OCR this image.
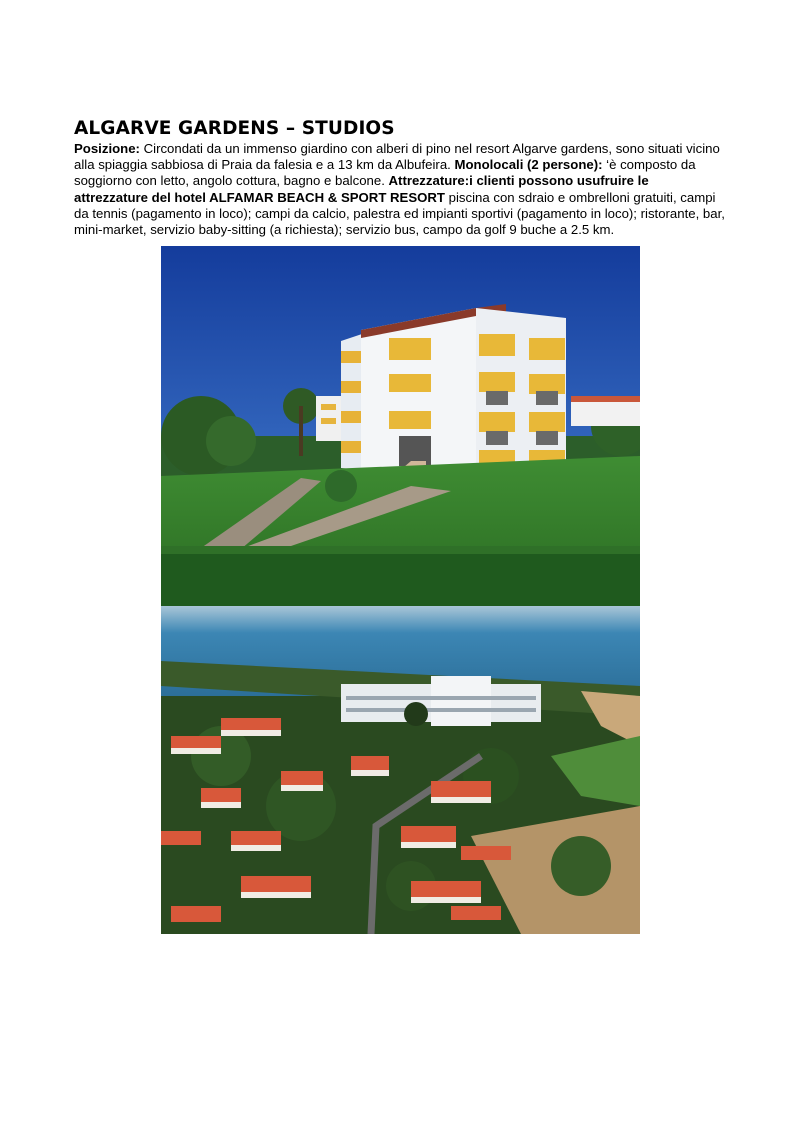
ALGARVE GARDENS – STUDIOS
Posizione: Circondati da un immenso giardino con alberi di pino nel resort Algarve gardens, sono situati vicino alla spiaggia sabbiosa di Praia da falesia e a 13 km da Albufeira. Monolocali (2 persone): ‘è composto da soggiorno con letto, angolo cottura, bagno e balcone. Attrezzature:i clienti possono usufruire le attrezzature del hotel ALFAMAR BEACH & SPORT RESORT piscina con sdraio e ombrelloni gratuiti, campi da tennis (pagamento in loco); campi da calcio, palestra ed impianti sportivi (pagamento in loco); ristorante, bar, mini-market, servizio baby-sitting (a richiesta); servizio bus, campo da golf 9 buche a 2.5 km.
